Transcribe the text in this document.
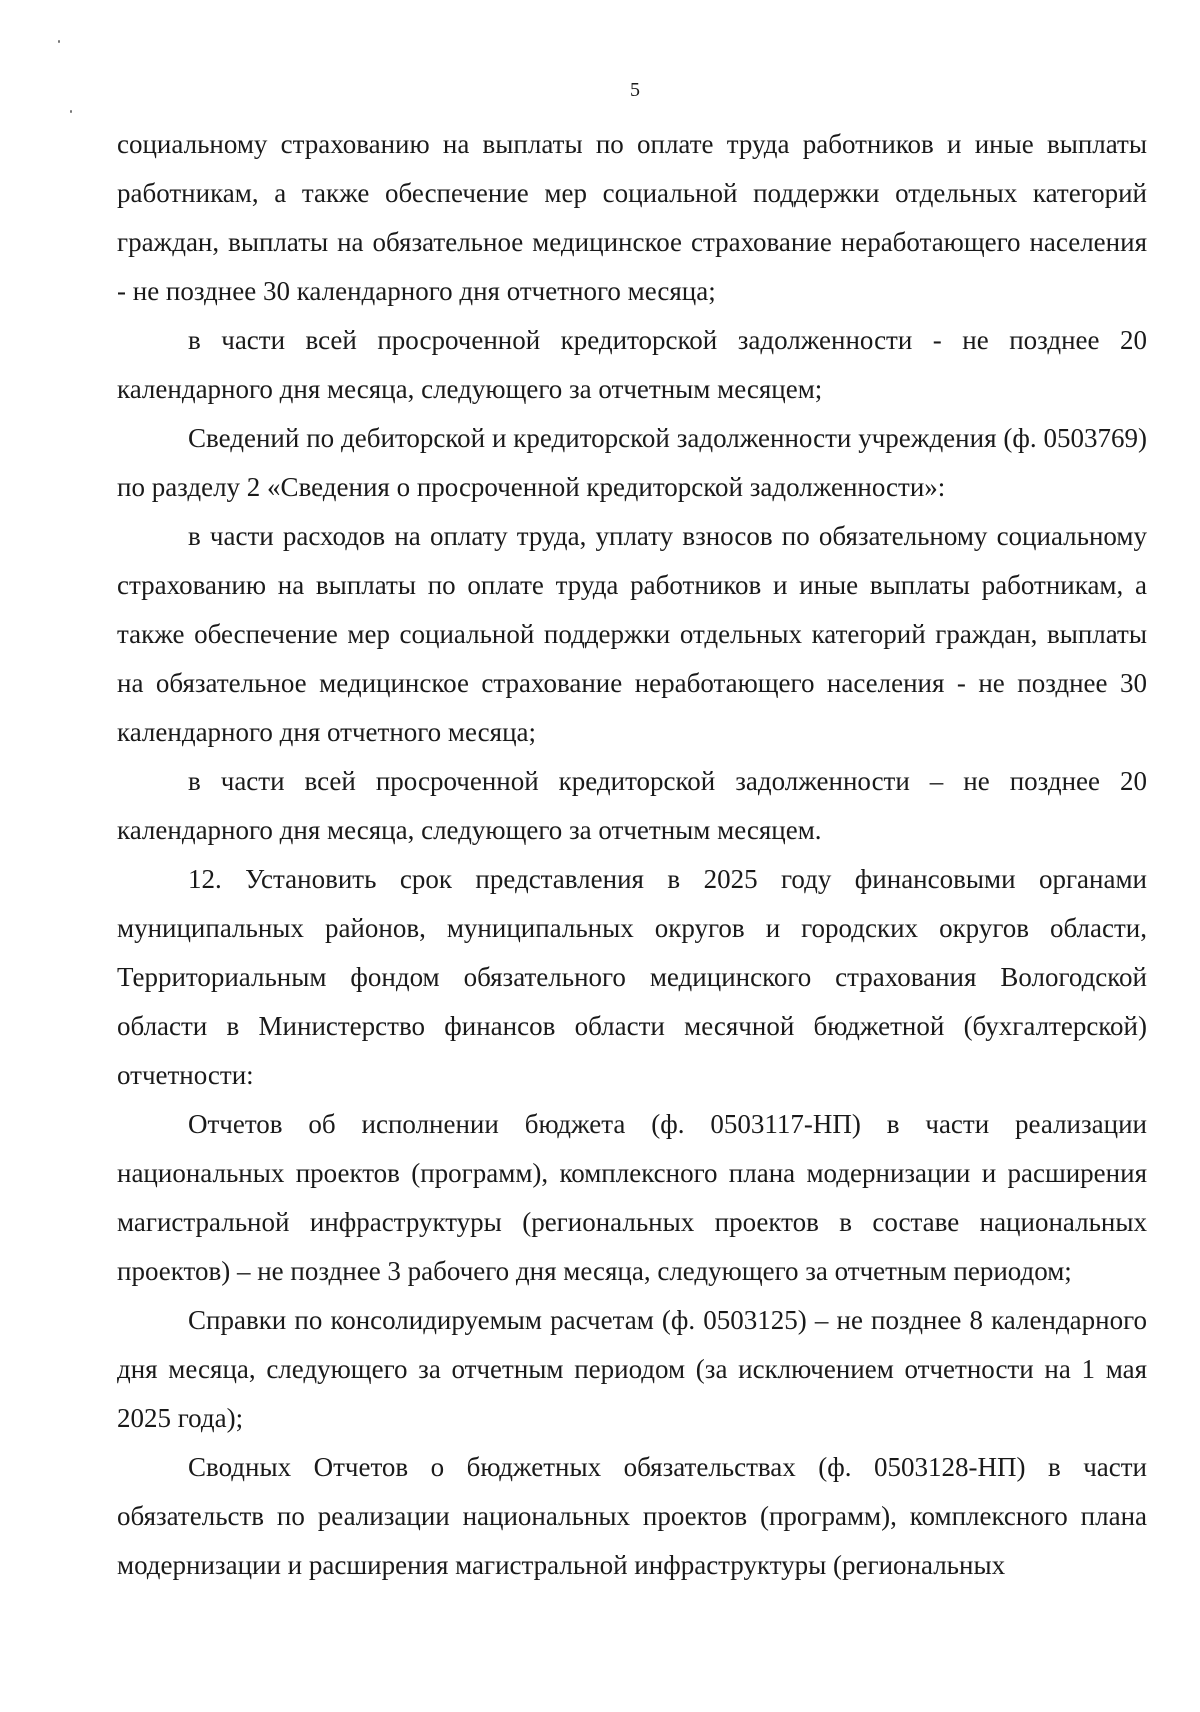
5

социальному страхованию на выплаты по оплате труда работников и иные выплаты работникам, а также обеспечение мер социальной поддержки отдельных категорий граждан, выплаты на обязательное медицинское страхование неработающего населения - не позднее 30 календарного дня отчетного месяца;

в части всей просроченной кредиторской задолженности - не позднее 20 календарного дня месяца, следующего за отчетным месяцем;

Сведений по дебиторской и кредиторской задолженности учреждения (ф. 0503769) по разделу 2 «Сведения о просроченной кредиторской задолженности»:

в части расходов на оплату труда, уплату взносов по обязательному социальному страхованию на выплаты по оплате труда работников и иные выплаты работникам, а также обеспечение мер социальной поддержки отдельных категорий граждан, выплаты на обязательное медицинское страхование неработающего населения - не позднее 30 календарного дня отчетного месяца;

в части всей просроченной кредиторской задолженности – не позднее 20 календарного дня месяца, следующего за отчетным месяцем.

12. Установить срок представления в 2025 году финансовыми органами муниципальных районов, муниципальных округов и городских округов области, Территориальным фондом обязательного медицинского страхования Вологодской области в Министерство финансов области месячной бюджетной (бухгалтерской) отчетности:

Отчетов об исполнении бюджета (ф. 0503117-НП) в части реализации национальных проектов (программ), комплексного плана модернизации и расширения магистральной инфраструктуры (региональных проектов в составе национальных проектов) – не позднее 3 рабочего дня месяца, следующего за отчетным периодом;

Справки по консолидируемым расчетам (ф. 0503125) – не позднее 8 календарного дня месяца, следующего за отчетным периодом (за исключением отчетности на 1 мая 2025 года);

Сводных Отчетов о бюджетных обязательствах (ф. 0503128-НП) в части обязательств по реализации национальных проектов (программ), комплексного плана модернизации и расширения магистральной инфраструктуры (региональных
